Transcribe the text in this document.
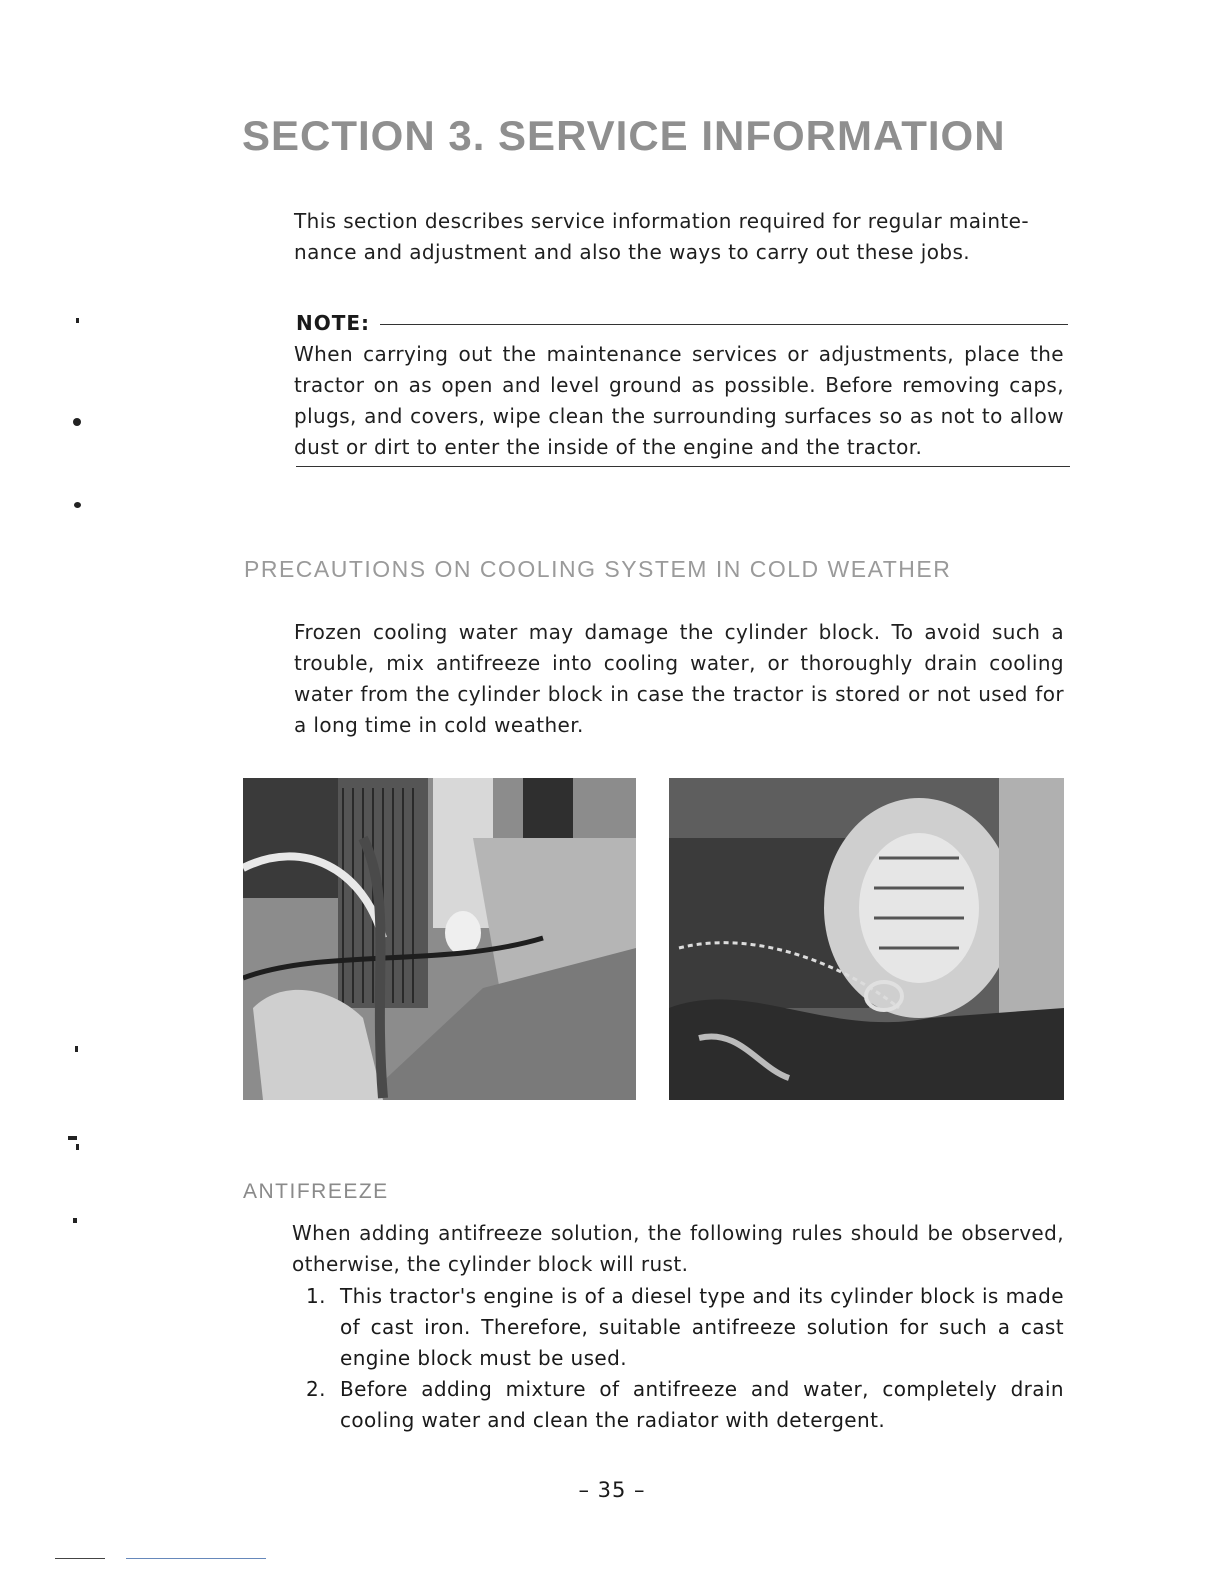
SECTION 3. SERVICE INFORMATION
This section describes service information required for regular mainte-nance and adjustment and also the ways to carry out these jobs.
NOTE:
When carrying out the maintenance services or adjustments, place the tractor on as open and level ground as possible. Before removing caps, plugs, and covers, wipe clean the surrounding surfaces so as not to allow dust or dirt to enter the inside of the engine and the tractor.
PRECAUTIONS ON COOLING SYSTEM IN COLD WEATHER
Frozen cooling water may damage the cylinder block. To avoid such a trouble, mix antifreeze into cooling water, or thoroughly drain cooling water from the cylinder block in case the tractor is stored or not used for a long time in cold weather.
ANTIFREEZE
When adding antifreeze solution, the following rules should be observed, otherwise, the cylinder block will rust.
1. This tractor's engine is of a diesel type and its cylinder block is made of cast iron. Therefore, suitable antifreeze solution for such a cast engine block must be used.
2. Before adding mixture of antifreeze and water, completely drain cooling water and clean the radiator with detergent.
– 35 –
